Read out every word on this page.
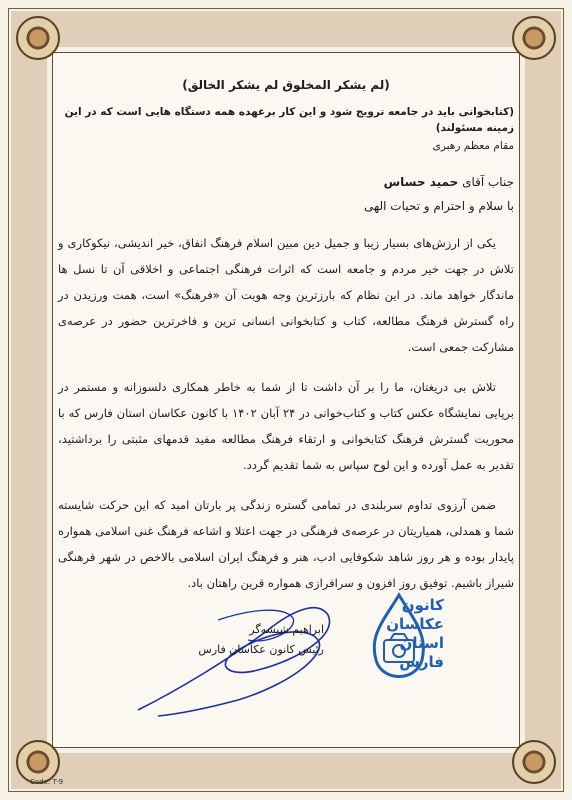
(لم یشکر المخلوق لم یشکر الخالق)

(کتابخوانی باید در جامعه ترویج شود و این کار برعهده همه دستگاه هایی است که در این زمینه مسئولند)

مقام معظم رهبری

جناب آقای حمید حساس

با سلام و احترام و تحیات الهی

یکی از ارزش‌های بسیار زیبا و جمیل دین مبین اسلام فرهنگ انفاق، خیر اندیشی، نیکوکاری و تلاش در جهت خیر مردم و جامعه است که اثرات فرهنگی اجتماعی و اخلاقی آن تا نسل ها ماندگار خواهد ماند. در این نظام که بارزترین وجه هویت آن «فرهنگ» است، همت ورزیدن در راه گسترش فرهنگ مطالعه، کتاب و کتابخوانی انسانی ترین و فاخرترین حضور در عرصه‌ی مشارکت جمعی است.

تلاش بی دریغتان، ما را بر آن داشت تا از شما به خاطر همکاری دلسوزانه و مستمر در برپایی نمایشگاه عکس کتاب و کتاب‌خوانی در ۲۴ آبان ۱۴۰۲ با کانون عکاسان استان فارس که با محوریت گسترش فرهنگ کتابخوانی و ارتقاء فرهنگ مطالعه مفید قدمهای مثبتی را برداشتید، تقدیر به عمل آورده و این لوح سپاس به شما تقدیم گردد.

ضمن آرزوی تداوم سربلندی در تمامی گستره زندگی پر بارتان امید که این حرکت شایسته شما و همدلی، همیاریتان در عرصه‌ی فرهنگی در جهت اعتلا و اشاعه فرهنگ غنی اسلامی همواره پایدار بوده و هر روز شاهد شکوفایی ادب، هنر و فرهنگ ایران اسلامی بالاخص در شهر فرهنگی شیراز باشیم. توفیق روز افزون و سرافرازی همواره قرین راهتان باد.

ابراهیم شیشه‌گر
رئیس کانون عکاسان فارس
کانون
عکاسان
استان
فارس
Code: T-9
